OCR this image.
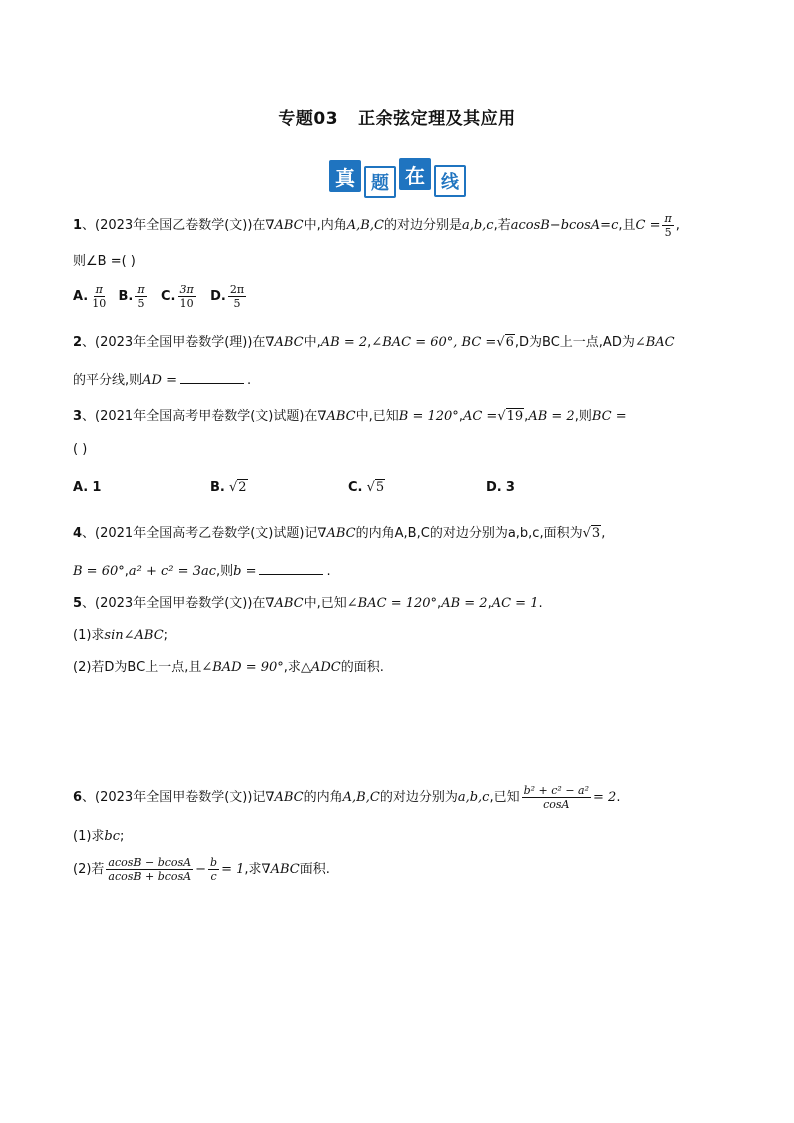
专题03 正余弦定理及其应用
真 题 在 线
1、(2023年全国乙卷数学(文))在∇ABC中,内角A,B,C的对边分别是a,b,c,若acosB−bcosA=c,且$C = \frac{\pi}{5}$ ,
则∠B =( )
A. $\frac{\pi}{10} B$. $\frac{\pi}{5} C$. $\frac{3\pi}{10} D$. $\frac{2\pi}{5}$
2、(2023年全国甲卷数学(理))在∇ABC中,AB = 2,∠BAC = 60°, BC =√6,D为BC上一点,AD为∠BAC
的平分线,则AD =	.
3、(2021年全国高考甲卷数学(文)试题)在∇ABC中,已知B = 120°,AC =√19,AB = 2,则BC =
( )
A. 1	B. √2	C. √5	D. 3
4、(2021年全国高考乙卷数学(文)试题)记∇ABC的内角A,B,C的对边分别为a,b,c,面积为√3,
B = 60°,a² + c² = 3ac,则b =	.
5、(2023年全国甲卷数学(文))在∇ABC中,已知∠BAC = 120°,AB = 2,AC = 1.
(1)求sin∠ABC;
(2)若D为BC上一点,且∠BAD = 90°,求△ADC的面积.
6、(2023年全国甲卷数学(文))记∇ABC的内角A,B,C的对边分别为a,b,c,已知 $\frac{\text{b² + c² − a²}}{\cos A} = 2$.
(1)求bc;
(2)若 $\frac{acosB - bcosA}{acosB + bcosA} - \frac{b}{c} = 1$,求∇ABC面积.
